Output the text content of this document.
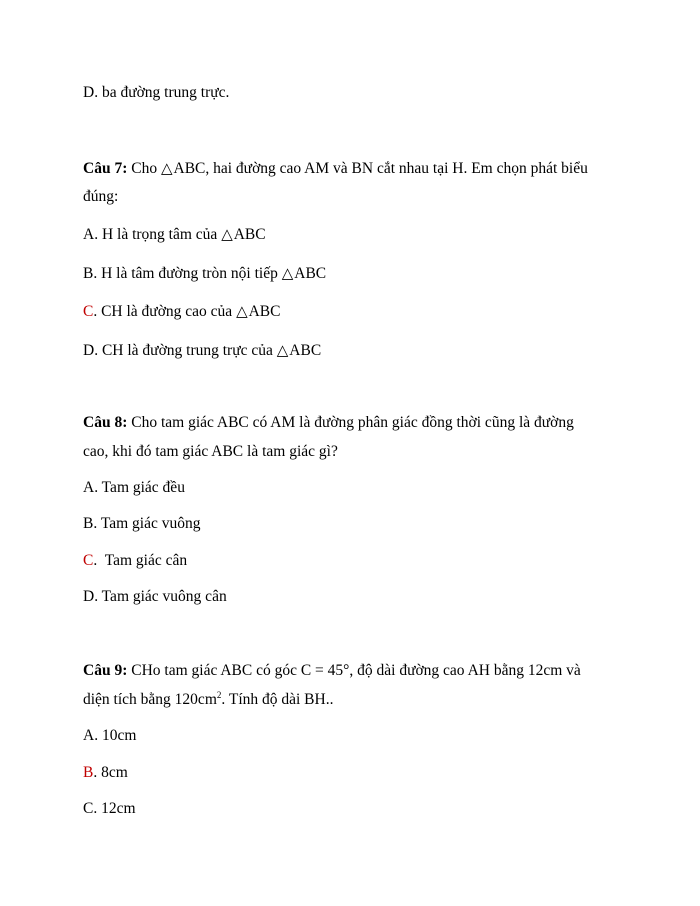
D. ba đường trung trực.
Câu 7: Cho △ABC, hai đường cao AM và BN cắt nhau tại H. Em chọn phát biểu
đúng:
A. H là trọng tâm của △ABC
B. H là tâm đường tròn nội tiếp △ABC
C. CH là đường cao của △ABC
D. CH là đường trung trực của △ABC
Câu 8: Cho tam giác ABC có AM là đường phân giác đồng thời cũng là đường
cao, khi đó tam giác ABC là tam giác gì?
A. Tam giác đều
B. Tam giác vuông
C.  Tam giác cân
D. Tam giác vuông cân
Câu 9: CHo tam giác ABC có góc C = 45°, độ dài đường cao AH bằng 12cm và
diện tích bằng $120cm^2$. Tính độ dài BH..
A. 10cm
B. 8cm
C. 12cm
